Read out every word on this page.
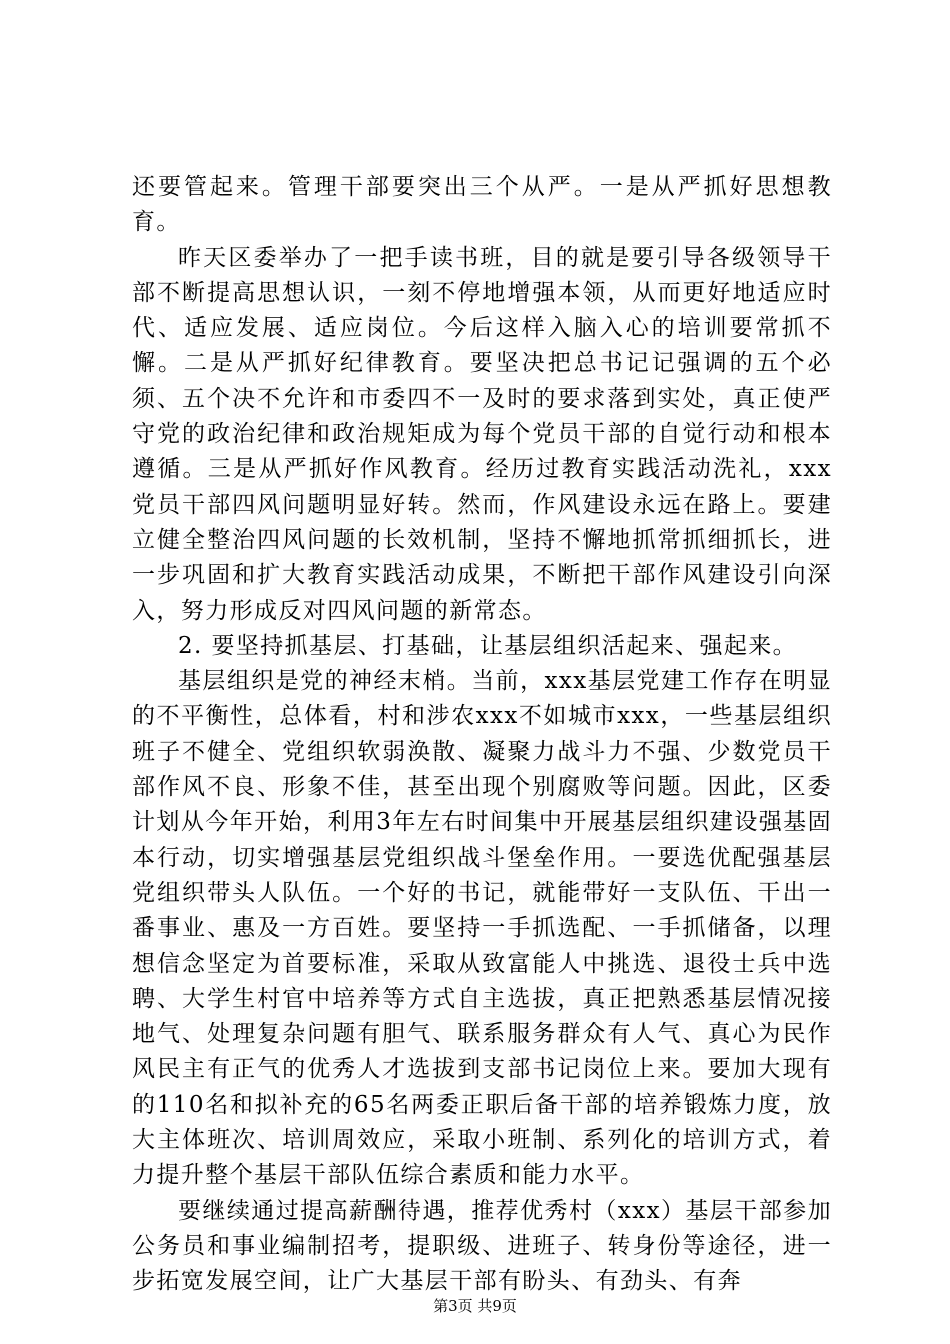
还要管起来。管理干部要突出三个从严。一是从严抓好思想教育。

昨天区委举办了一把手读书班，目的就是要引导各级领导干部不断提高思想认识，一刻不停地增强本领，从而更好地适应时代、适应发展、适应岗位。今后这样入脑入心的培训要常抓不懈。二是从严抓好纪律教育。要坚决把总书记记强调的五个必须、五个决不允许和市委四不一及时的要求落到实处，真正使严守党的政治纪律和政治规矩成为每个党员干部的自觉行动和根本遵循。三是从严抓好作风教育。经历过教育实践活动洗礼，xxx党员干部四风问题明显好转。然而，作风建设永远在路上。要建立健全整治四风问题的长效机制，坚持不懈地抓常抓细抓长，进一步巩固和扩大教育实践活动成果，不断把干部作风建设引向深入，努力形成反对四风问题的新常态。

2. 要坚持抓基层、打基础，让基层组织活起来、强起来。

基层组织是党的神经末梢。当前，xxx基层党建工作存在明显的不平衡性，总体看，村和涉农xxx不如城市xxx，一些基层组织班子不健全、党组织软弱涣散、凝聚力战斗力不强、少数党员干部作风不良、形象不佳，甚至出现个别腐败等问题。因此，区委计划从今年开始，利用3年左右时间集中开展基层组织建设强基固本行动，切实增强基层党组织战斗堡垒作用。一要选优配强基层党组织带头人队伍。一个好的书记，就能带好一支队伍、干出一番事业、惠及一方百姓。要坚持一手抓选配、一手抓储备，以理想信念坚定为首要标准，采取从致富能人中挑选、退役士兵中选聘、大学生村官中培养等方式自主选拔，真正把熟悉基层情况接地气、处理复杂问题有胆气、联系服务群众有人气、真心为民作风民主有正气的优秀人才选拔到支部书记岗位上来。要加大现有的110名和拟补充的65名两委正职后备干部的培养锻炼力度，放大主体班次、培训周效应，采取小班制、系列化的培训方式，着力提升整个基层干部队伍综合素质和能力水平。

要继续通过提高薪酬待遇，推荐优秀村（xxx）基层干部参加公务员和事业编制招考，提职级、进班子、转身份等途径，进一步拓宽发展空间，让广大基层干部有盼头、有劲头、有奔

第3页 共9页
